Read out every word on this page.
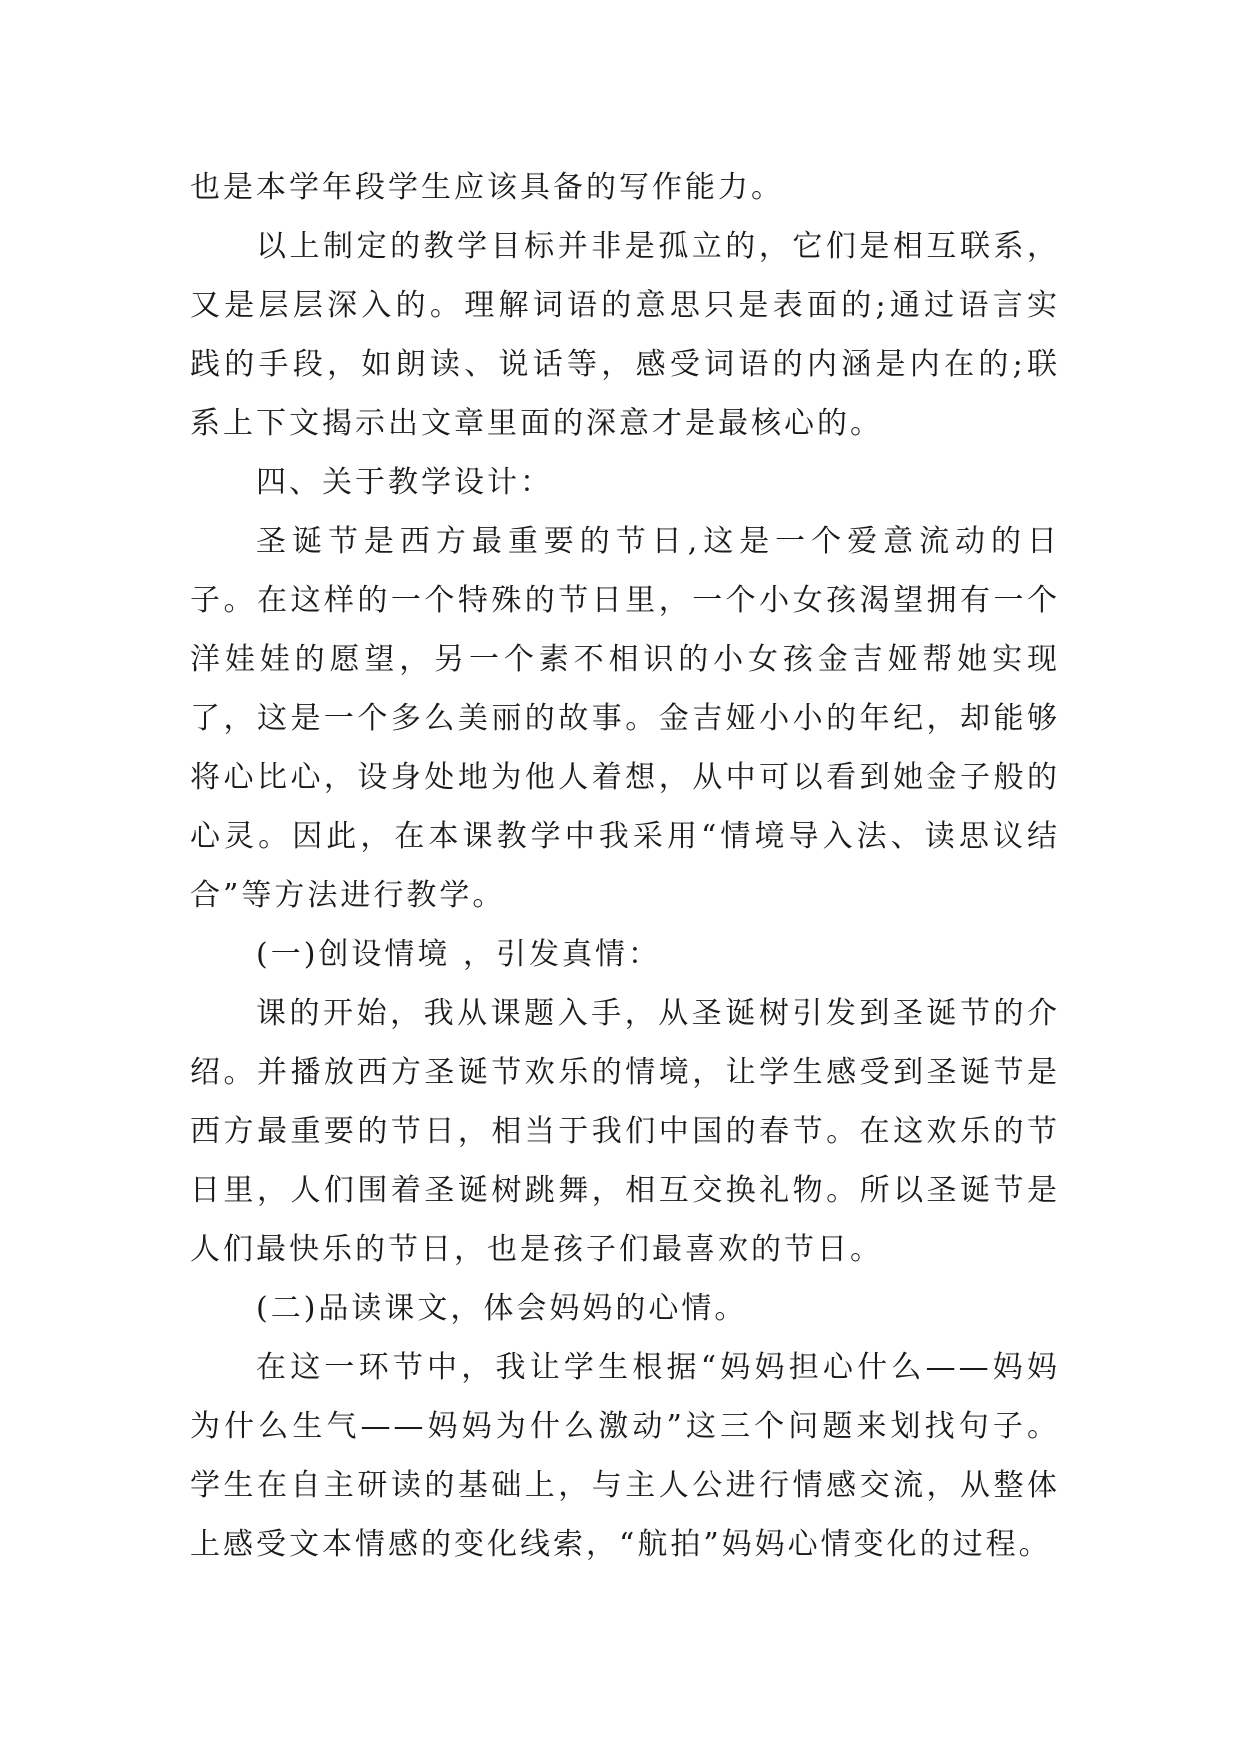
也是本学年段学生应该具备的写作能力。

以上制定的教学目标并非是孤立的，它们是相互联系，又是层层深入的。理解词语的意思只是表面的;通过语言实践的手段，如朗读、说话等，感受词语的内涵是内在的;联系上下文揭示出文章里面的深意才是最核心的。

四、关于教学设计：

圣诞节是西方最重要的节日,这是一个爱意流动的日子。在这样的一个特殊的节日里，一个小女孩渴望拥有一个洋娃娃的愿望，另一个素不相识的小女孩金吉娅帮她实现了，这是一个多么美丽的故事。金吉娅小小的年纪，却能够将心比心，设身处地为他人着想，从中可以看到她金子般的心灵。因此，在本课教学中我采用“情境导入法、读思议结合”等方法进行教学。

(一)创设情境 ，引发真情：

课的开始，我从课题入手，从圣诞树引发到圣诞节的介绍。并播放西方圣诞节欢乐的情境，让学生感受到圣诞节是西方最重要的节日，相当于我们中国的春节。在这欢乐的节日里，人们围着圣诞树跳舞，相互交换礼物。所以圣诞节是人们最快乐的节日，也是孩子们最喜欢的节日。

(二)品读课文，体会妈妈的心情。

在这一环节中，我让学生根据“妈妈担心什么——妈妈为什么生气——妈妈为什么激动”这三个问题来划找句子。学生在自主研读的基础上，与主人公进行情感交流，从整体上感受文本情感的变化线索，“航拍”妈妈心情变化的过程。
